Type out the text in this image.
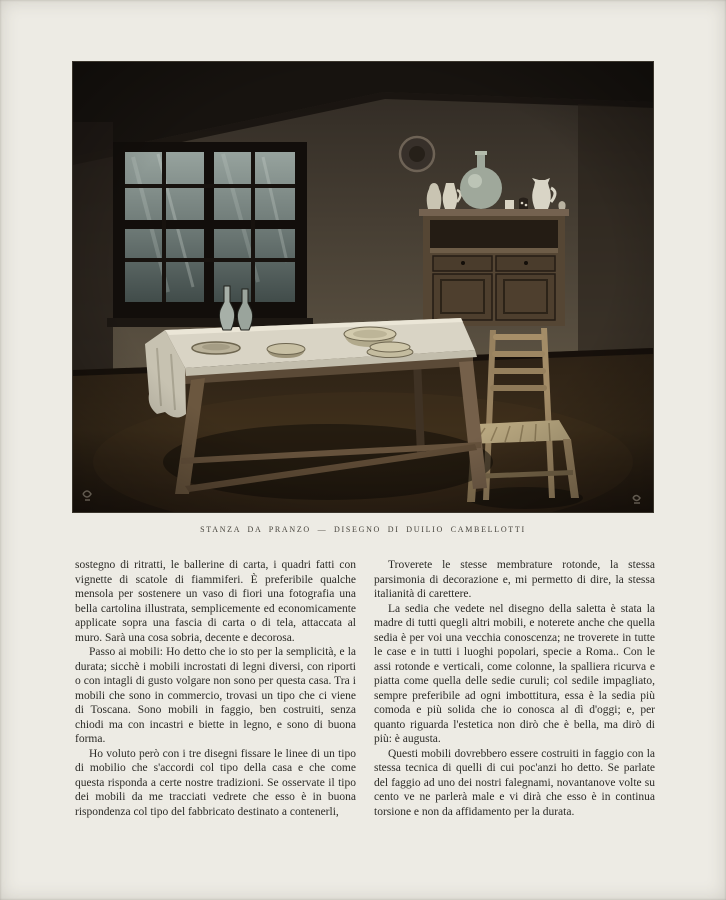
STANZA DA PRANZO — DISEGNO DI DUILIO CAMBELLOTTI

sostegno di ritratti, le ballerine di carta, i quadri fatti con vignette di scatole di fiammiferi. È preferibile qualche mensola per sostenere un vaso di fiori una fotografia una bella cartolina illustrata, semplicemente ed economicamente applicate sopra una fascia di carta o di tela, attaccata al muro. Sarà una cosa sobria, decente e decorosa.

Passo ai mobili: Ho detto che io sto per la semplicità, e la durata; sicchè i mobili incrostati di legni diversi, con riporti o con intagli di gusto volgare non sono per questa casa. Tra i mobili che sono in commercio, trovasi un tipo che ci viene di Toscana. Sono mobili in faggio, ben costruiti, senza chiodi ma con incastri e biette in legno, e sono di buona forma.

Ho voluto però con i tre disegni fissare le linee di un tipo di mobilio che s'accordi col tipo della casa e che come questa risponda a certe nostre tradizioni. Se osservate il tipo dei mobili da me tracciati vedrete che esso è in buona rispondenza col tipo del fabbricato destinato a contenerli,

Troverete le stesse membrature rotonde, la stessa parsimonia di decorazione e, mi permetto di dire, la stessa italianità di carettere.

La sedia che vedete nel disegno della saletta è stata la madre di tutti quegli altri mobili, e noterete anche che quella sedia è per voi una vecchia conoscenza; ne troverete in tutte le case e in tutti i luoghi popolari, specie a Roma.. Con le assi rotonde e verticali, come colonne, la spalliera ricurva e piatta come quella delle sedie curuli; col sedile impagliato, sempre preferibile ad ogni imbottitura, essa è la sedia più comoda e più solida che io conosca al dì d'oggi; e, per quanto riguarda l'estetica non dirò che è bella, ma dirò di più: è augusta.

Questi mobili dovrebbero essere costruiti in faggio con la stessa tecnica di quelli di cui poc'anzi ho detto. Se parlate del faggio ad uno dei nostri falegnami, novantanove volte su cento ve ne parlerà male e vi dirà che esso è in continua torsione e non da affidamento per la durata.
